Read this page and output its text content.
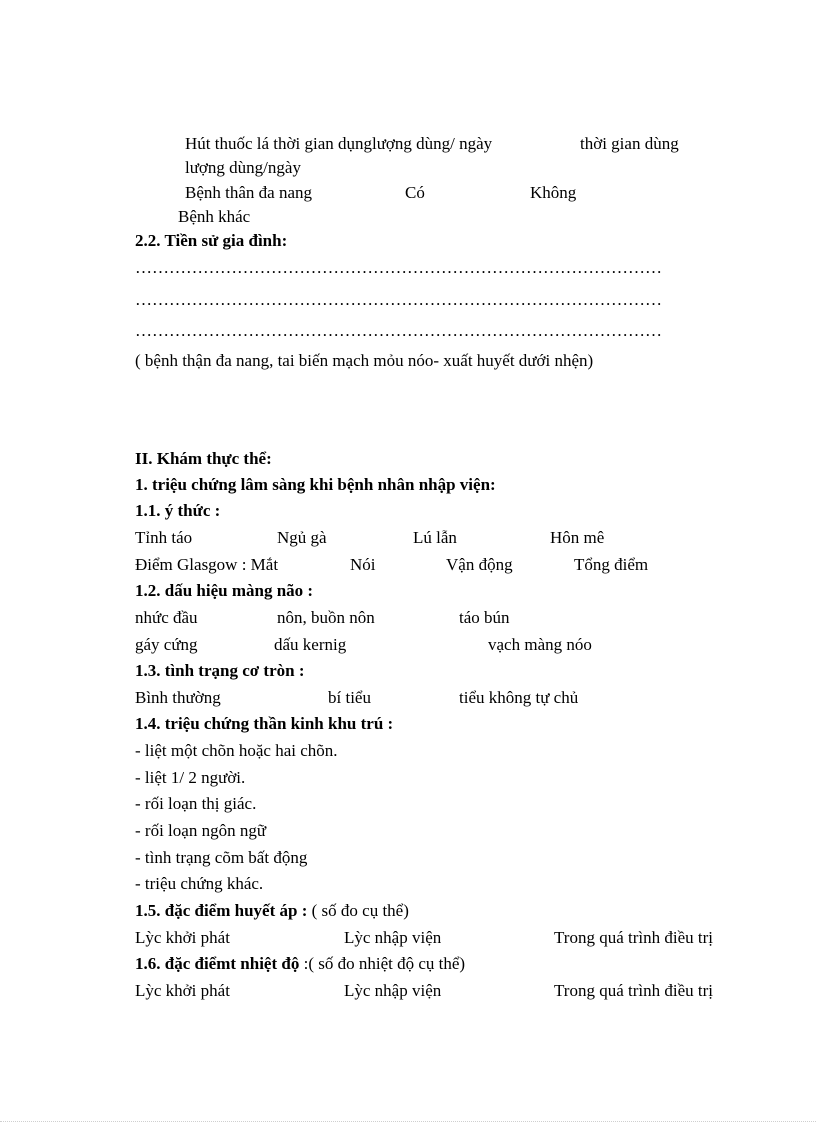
Hút thuốc lá thời gian dụnglượng dùng/ ngày	thời gian dùng
lượng dùng/ngày
Bệnh thân đa nang	Có	Không
Bệnh khác
2.2. Tiền sử gia đình:
…………………………………………………………………………………
…………………………………………………………………………………
…………………………………………………………………………………
( bệnh thận đa nang, tai biến mạch mỏu nóo- xuất huyết dưới nhện)
II. Khám thực thể:
1. triệu chứng lâm sàng khi bệnh nhân nhập viện:
1.1. ý thức :
Tỉnh táo	Ngủ gà	Lú lẫn	Hôn mê
Điểm Glasgow : Mắt	Nói	Vận động	Tổng điểm
1.2. dấu hiệu màng não :
nhức đầu	nôn, buồn nôn	táo bún
gáy cứng	dấu kernig	vạch màng nóo
1.3. tình trạng cơ tròn :
Bình thường	bí tiểu	tiểu không tự chủ
1.4. triệu chứng thần kinh khu trú :
- liệt một chõn hoặc hai chõn.
- liệt 1/ 2 người.
- rối loạn thị giác.
- rối loạn ngôn ngữ
- tình trạng cõm bất động
- triệu chứng khác.
1.5. đặc điểm huyết áp : ( số đo cụ thể)
Lỳc khởi phát	Lỳc nhập viện	Trong quá trình điều trị
1.6. đặc điểmt nhiệt độ :( số đo nhiệt độ cụ thể)
Lỳc khởi phát	Lỳc nhập viện	Trong quá trình điều trị
